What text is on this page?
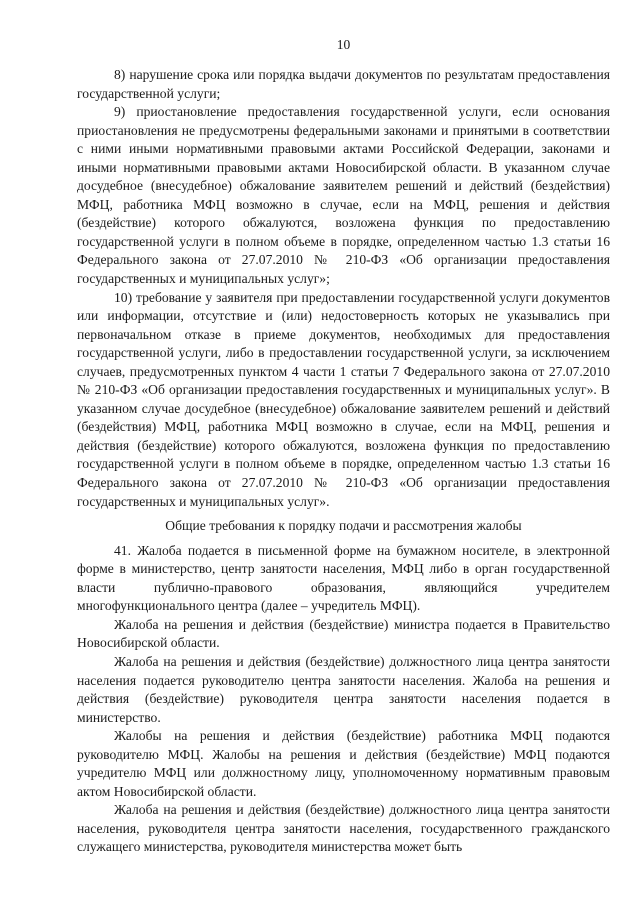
10

8) нарушение срока или порядка выдачи документов по результатам предоставления государственной услуги;

9) приостановление предоставления государственной услуги, если основания приостановления не предусмотрены федеральными законами и принятыми в соответствии с ними иными нормативными правовыми актами Российской Федерации, законами и иными нормативными правовыми актами Новосибирской области. В указанном случае досудебное (внесудебное) обжалование заявителем решений и действий (бездействия) МФЦ, работника МФЦ возможно в случае, если на МФЦ, решения и действия (бездействие) которого обжалуются, возложена функция по предоставлению государственной услуги в полном объеме в порядке, определенном частью 1.3 статьи 16 Федерального закона от 27.07.2010 № 210-ФЗ «Об организации предоставления государственных и муниципальных услуг»;

10) требование у заявителя при предоставлении государственной услуги документов или информации, отсутствие и (или) недостоверность которых не указывались при первоначальном отказе в приеме документов, необходимых для предоставления государственной услуги, либо в предоставлении государственной услуги, за исключением случаев, предусмотренных пунктом 4 части 1 статьи 7 Федерального закона от 27.07.2010 № 210-ФЗ «Об организации предоставления государственных и муниципальных услуг». В указанном случае досудебное (внесудебное) обжалование заявителем решений и действий (бездействия) МФЦ, работника МФЦ возможно в случае, если на МФЦ, решения и действия (бездействие) которого обжалуются, возложена функция по предоставлению государственной услуги в полном объеме в порядке, определенном частью 1.3 статьи 16 Федерального закона от 27.07.2010 № 210-ФЗ «Об организации предоставления государственных и муниципальных услуг».

Общие требования к порядку подачи и рассмотрения жалобы

41. Жалоба подается в письменной форме на бумажном носителе, в электронной форме в министерство, центр занятости населения, МФЦ либо в орган государственной власти публично-правового образования, являющийся учредителем многофункционального центра (далее – учредитель МФЦ).

Жалоба на решения и действия (бездействие) министра подается в Правительство Новосибирской области.

Жалоба на решения и действия (бездействие) должностного лица центра занятости населения подается руководителю центра занятости населения. Жалоба на решения и действия (бездействие) руководителя центра занятости населения подается в министерство.

Жалобы на решения и действия (бездействие) работника МФЦ подаются руководителю МФЦ. Жалобы на решения и действия (бездействие) МФЦ подаются учредителю МФЦ или должностному лицу, уполномоченному нормативным правовым актом Новосибирской области.

Жалоба на решения и действия (бездействие) должностного лица центра занятости населения, руководителя центра занятости населения, государственного гражданского служащего министерства, руководителя министерства может быть
